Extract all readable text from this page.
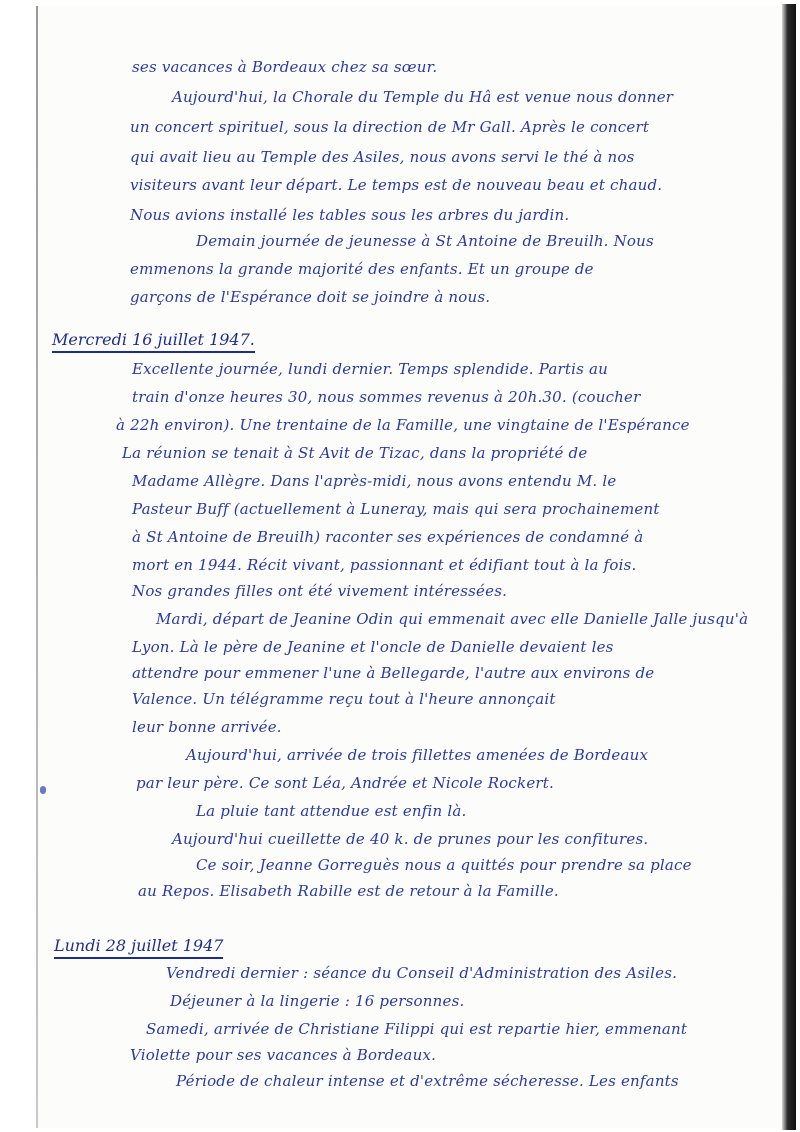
ses vacances à Bordeaux chez sa sœur.
Aujourd'hui, la Chorale du Temple du Hâ est venue nous donner
un concert spirituel, sous la direction de Mr Gall. Après le concert
qui avait lieu au Temple des Asiles, nous avons servi le thé à nos
visiteurs avant leur départ. Le temps est de nouveau beau et chaud.
Nous avions installé les tables sous les arbres du jardin.
Demain journée de jeunesse à St Antoine de Breuilh. Nous
emmenons la grande majorité des enfants. Et un groupe de
garçons de l'Espérance doit se joindre à nous.
Mercredi 16 juillet 1947.
Excellente journée, lundi dernier. Temps splendide. Partis au
train d'onze heures 30, nous sommes revenus à 20h.30. (coucher
à 22h environ). Une trentaine de la Famille, une vingtaine de l'Espérance
La réunion se tenait à St Avit de Tizac, dans la propriété de
Madame Allègre. Dans l'après-midi, nous avons entendu M. le
Pasteur Buff (actuellement à Luneray, mais qui sera prochainement
à St Antoine de Breuilh) raconter ses expériences de condamné à
mort en 1944. Récit vivant, passionnant et édifiant tout à la fois.
Nos grandes filles ont été vivement intéressées.
Mardi, départ de Jeanine Odin qui emmenait avec elle Danielle Jalle jusqu'à
Lyon. Là le père de Jeanine et l'oncle de Danielle devaient les
attendre pour emmener l'une à Bellegarde, l'autre aux environs de
Valence. Un télégramme reçu tout à l'heure annonçait
leur bonne arrivée.
Aujourd'hui, arrivée de trois fillettes amenées de Bordeaux
par leur père. Ce sont Léa, Andrée et Nicole Rockert.
La pluie tant attendue est enfin là.
Aujourd'hui cueillette de 40 k. de prunes pour les confitures.
Ce soir, Jeanne Gorreguès nous a quittés pour prendre sa place
au Repos. Elisabeth Rabille est de retour à la Famille.
Lundi 28 juillet 1947
Vendredi dernier : séance du Conseil d'Administration des Asiles.
Déjeuner à la lingerie : 16 personnes.
Samedi, arrivée de Christiane Filippi qui est repartie hier, emmenant
Violette pour ses vacances à Bordeaux.
Période de chaleur intense et d'extrême sécheresse. Les enfants
